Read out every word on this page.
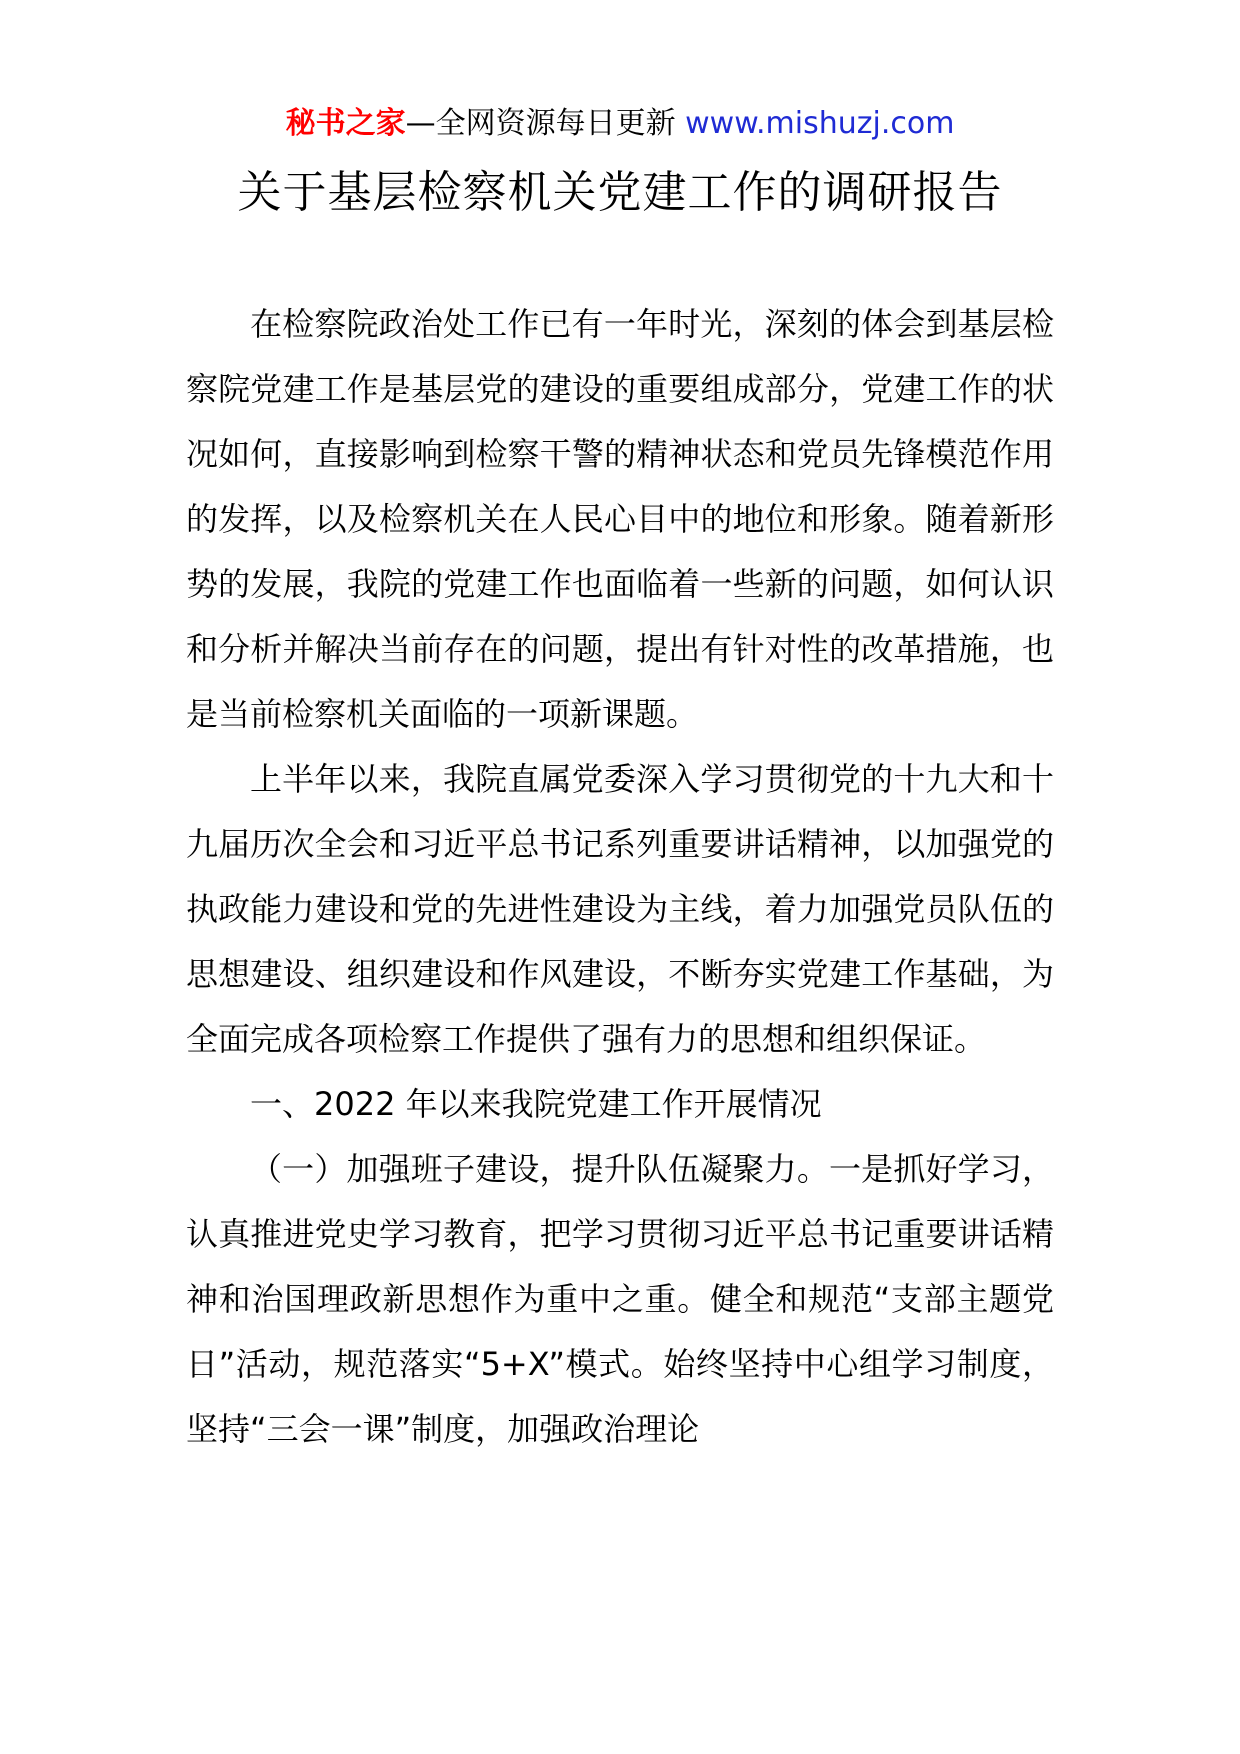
秘书之家—全网资源每日更新 www.mishuzj.com
关于基层检察机关党建工作的调研报告

在检察院政治处工作已有一年时光，深刻的体会到基层检察院党建工作是基层党的建设的重要组成部分，党建工作的状况如何，直接影响到检察干警的精神状态和党员先锋模范作用的发挥，以及检察机关在人民心目中的地位和形象。随着新形势的发展，我院的党建工作也面临着一些新的问题，如何认识和分析并解决当前存在的问题，提出有针对性的改革措施，也是当前检察机关面临的一项新课题。

上半年以来，我院直属党委深入学习贯彻党的十九大和十九届历次全会和习近平总书记系列重要讲话精神，以加强党的执政能力建设和党的先进性建设为主线，着力加强党员队伍的思想建设、组织建设和作风建设，不断夯实党建工作基础，为全面完成各项检察工作提供了强有力的思想和组织保证。

一、2022 年以来我院党建工作开展情况

（一）加强班子建设，提升队伍凝聚力。一是抓好学习，认真推进党史学习教育，把学习贯彻习近平总书记重要讲话精神和治国理政新思想作为重中之重。健全和规范“支部主题党日”活动，规范落实“5+X”模式。始终坚持中心组学习制度，坚持“三会一课”制度，加强政治理论
